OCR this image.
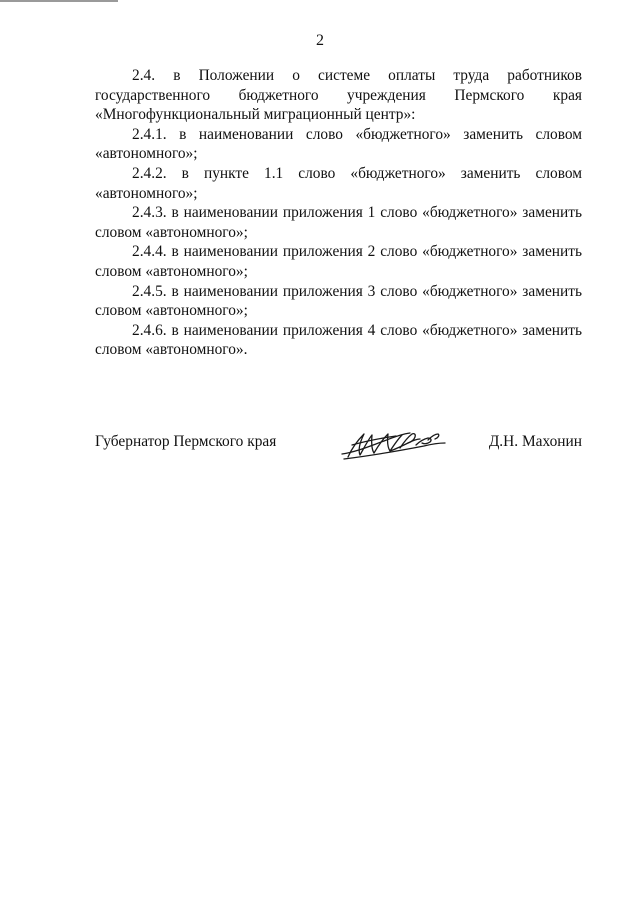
2

2.4. в Положении о системе оплаты труда работников государственного бюджетного учреждения Пермского края «Многофункциональный миграционный центр»:

2.4.1. в наименовании слово «бюджетного» заменить словом «автономного»;

2.4.2. в пункте 1.1 слово «бюджетного» заменить словом «автономного»;

2.4.3. в наименовании приложения 1 слово «бюджетного» заменить словом «автономного»;

2.4.4. в наименовании приложения 2 слово «бюджетного» заменить словом «автономного»;

2.4.5. в наименовании приложения 3 слово «бюджетного» заменить словом «автономного»;

2.4.6. в наименовании приложения 4 слово «бюджетного» заменить словом «автономного».

Губернатор Пермского края	Д.Н. Махонин
